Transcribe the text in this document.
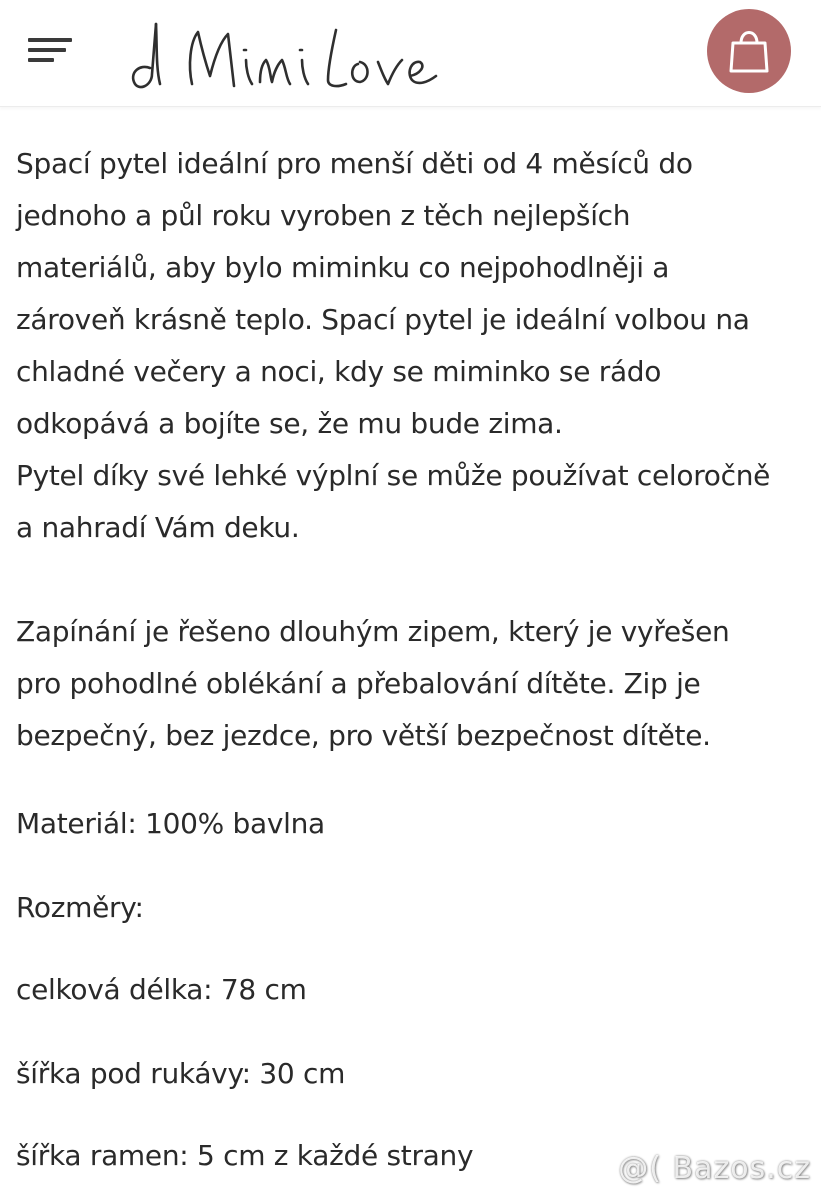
Spací pytel ideální pro menší děti od 4 měsíců do

jednoho a půl roku vyroben z těch nejlepších

materiálů, aby bylo miminku co nejpohodlněji a

zároveň krásně teplo. Spací pytel je ideální volbou na

chladné večery a noci, kdy se miminko se rádo

odkopává a bojíte se, že mu bude zima.

Pytel díky své lehké výplní se může používat celoročně

a nahradí Vám deku.

Zapínání je řešeno dlouhým zipem, který je vyřešen

pro pohodlné oblékání a přebalování dítěte. Zip je

bezpečný, bez jezdce, pro větší bezpečnost dítěte.

Materiál: 100% bavlna
Rozměry:
celková délka: 78 cm
šířka pod rukávy: 30 cm
šířka ramen: 5 cm z každé strany	@( Bazos.cz
